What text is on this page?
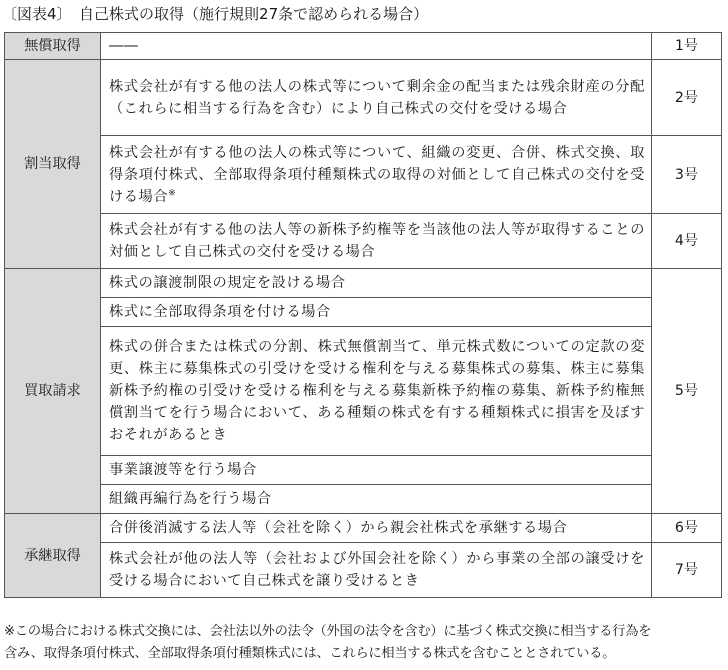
〔図表4〕　自己株式の取得（施行規則27条で認められる場合）
無償取得	――	1号
割当取得	株式会社が有する他の法人の株式等について剰余金の配当または残余財産の分配（これらに相当する行為を含む）により自己株式の交付を受ける場合	2号
	株式会社が有する他の法人の株式等について、組織の変更、合併、株式交換、取得条項付株式、全部取得条項付種類株式の取得の対価として自己株式の交付を受ける場合※	3号
	株式会社が有する他の法人等の新株予約権等を当該他の法人等が取得することの対価として自己株式の交付を受ける場合	4号
買取請求	株式の譲渡制限の規定を設ける場合	5号
	株式に全部取得条項を付ける場合	
	株式の併合または株式の分割、株式無償割当て、単元株式数についての定款の変更、株主に募集株式の引受けを受ける権利を与える募集株式の募集、株主に募集新株予約権の引受けを受ける権利を与える募集新株予約権の募集、新株予約権無償割当てを行う場合において、ある種類の株式を有する種類株式に損害を及ぼすおそれがあるとき	
	事業譲渡等を行う場合	
	組織再編行為を行う場合	
承継取得	合併後消滅する法人等（会社を除く）から親会社株式を承継する場合	6号
	株式会社が他の法人等（会社および外国会社を除く）から事業の全部の譲受けを受ける場合において自己株式を譲り受けるとき	7号
※この場合における株式交換には、会社法以外の法令（外国の法令を含む）に基づく株式交換に相当する行為を
含み、取得条項付株式、全部取得条項付種類株式には、これらに相当する株式を含むこととされている。
